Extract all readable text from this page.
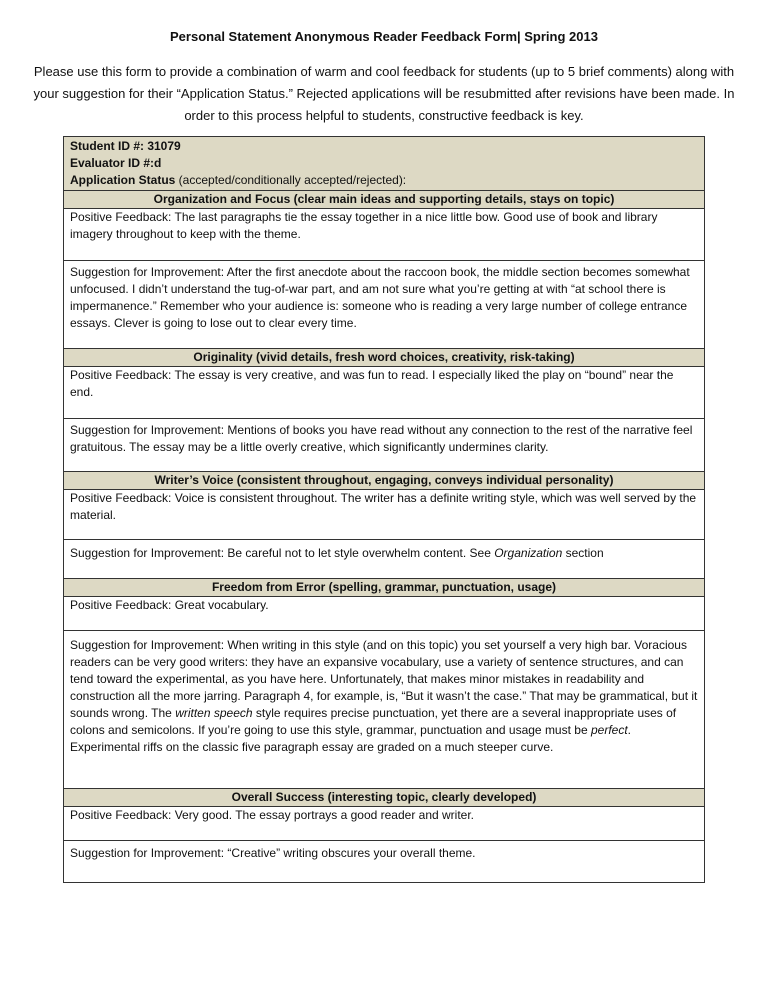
Personal Statement Anonymous Reader Feedback Form| Spring 2013
Please use this form to provide a combination of warm and cool feedback for students (up to 5 brief comments) along with your suggestion for their “Application Status.” Rejected applications will be resubmitted after revisions have been made. In order to this process helpful to students, constructive feedback is key.
Student ID #: 31079
Evaluator ID #:d
Application Status (accepted/conditionally accepted/rejected):

Organization and Focus (clear main ideas and supporting details, stays on topic)
Positive Feedback: The last paragraphs tie the essay together in a nice little bow. Good use of book and library imagery throughout to keep with the theme.
Suggestion for Improvement: After the first anecdote about the raccoon book, the middle section becomes somewhat unfocused. I didn’t understand the tug-of-war part, and am not sure what you’re getting at with “at school there is impermanence.” Remember who your audience is: someone who is reading a very large number of college entrance essays. Clever is going to lose out to clear every time.
Originality (vivid details, fresh word choices, creativity, risk-taking)
Positive Feedback: The essay is very creative, and was fun to read. I especially liked the play on “bound” near the end.
Suggestion for Improvement: Mentions of books you have read without any connection to the rest of the narrative feel gratuitous. The essay may be a little overly creative, which significantly undermines clarity.
Writer’s Voice (consistent throughout, engaging, conveys individual personality)
Positive Feedback: Voice is consistent throughout. The writer has a definite writing style, which was well served by the material.
Suggestion for Improvement: Be careful not to let style overwhelm content. See Organization section
Freedom from Error (spelling, grammar, punctuation, usage)
Positive Feedback: Great vocabulary.
Suggestion for Improvement: When writing in this style (and on this topic) you set yourself a very high bar. Voracious readers can be very good writers: they have an expansive vocabulary, use a variety of sentence structures, and can tend toward the experimental, as you have here. Unfortunately, that makes minor mistakes in readability and construction all the more jarring. Paragraph 4, for example, is, “But it wasn’t the case.” That may be grammatical, but it sounds wrong. The written speech style requires precise punctuation, yet there are a several inappropriate uses of colons and semicolons. If you’re going to use this style, grammar, punctuation and usage must be perfect. Experimental riffs on the classic five paragraph essay are graded on a much steeper curve.
Overall Success (interesting topic, clearly developed)
Positive Feedback: Very good. The essay portrays a good reader and writer.
Suggestion for Improvement: “Creative” writing obscures your overall theme.
